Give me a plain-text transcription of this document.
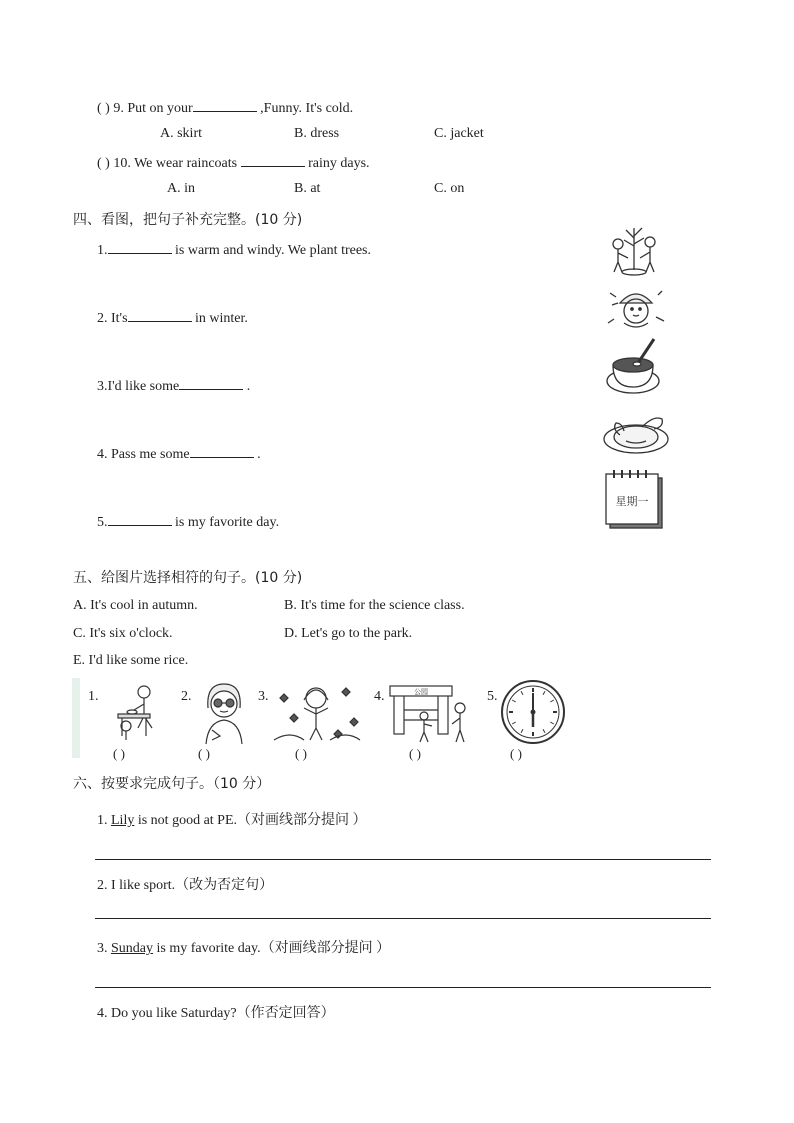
( ) 9. Put on your	,Funny. It's cold.
A. skirt	B. dress	C. jacket
( ) 10. We wear raincoats	rainy days.
A. in	B. at	C. on
四、看图，把句子补充完整。(10 分)
1.	is warm and windy. We plant trees.
2. It's	in winter.
3.I'd like some	.
4. Pass me some	.
5.	is my favorite day.
星期一
五、给图片选择相符的句子。(10 分)
A. It's cool in autumn.	B. It's time for the science class.
C. It's six o'clock.	D. Let's go to the park.
E. I'd like some rice.
1.
( )
2.
( )
3.
( )
4.	公园
( )
5.
( )
六、按要求完成句子。（10 分）
1. Lily is not good at PE.（对画线部分提问 ）
2. I like sport.（改为否定句）
3. Sunday is my favorite day.（对画线部分提问 ）
4. Do you like Saturday?（作否定回答）
